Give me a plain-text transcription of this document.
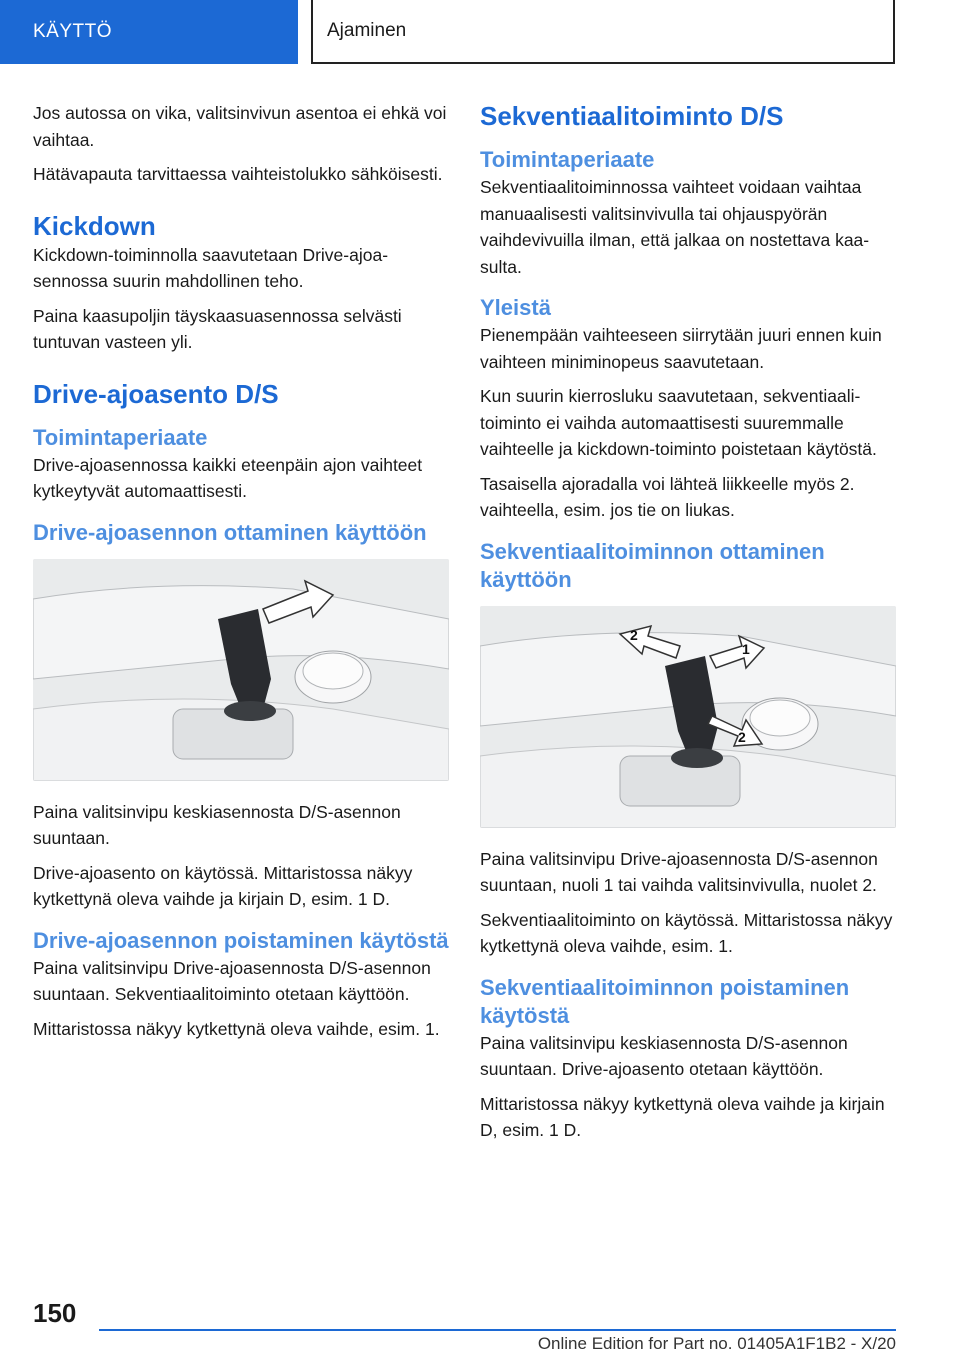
KÄYTTÖ	Ajaminen

Jos autossa on vika, valitsinvivun asentoa ei ehkä voi vaihtaa.

Hätävapauta tarvittaessa vaihteistolukko sähköisesti.

Kickdown

Kickdown-toiminnolla saavutetaan Drive-ajoasennossa suurin mahdollinen teho.

Paina kaasupoljin täyskaasuasennossa selvästi tuntuvan vasteen yli.

Drive-ajoasento D/S
Toimintaperiaate

Drive-ajoasennossa kaikki eteenpäin ajon vaihteet kytkeytyvät automaattisesti.

Drive-ajoasennon ottaminen käyttöön

Paina valitsinvipu keskiasennosta D/S-asennon suuntaan.

Drive-ajoasento on käytössä. Mittaristossa näkyy kytkettynä oleva vaihde ja kirjain D, esim. 1 D.

Drive-ajoasennon poistaminen käytöstä

Paina valitsinvipu Drive-ajoasennosta D/S-asennon suuntaan. Sekventiaalitoiminto otetaan käyttöön.

Mittaristossa näkyy kytkettynä oleva vaihde, esim. 1.

Sekventiaalitoiminto D/S
Toimintaperiaate

Sekventiaalitoiminnossa vaihteet voidaan vaihtaa manuaalisesti valitsinvivulla tai ohjauspyörän vaihdevivuilla ilman, että jalkaa on nostettava kaasulta.

Yleistä

Pienempään vaihteeseen siirrytään juuri ennen kuin vaihteen miniminopeus saavutetaan.

Kun suurin kierrosluku saavutetaan, sekventiaalitoiminto ei vaihda automaattisesti suuremmalle vaihteelle ja kickdown-toiminto poistetaan käytöstä.

Tasaisella ajoradalla voi lähteä liikkeelle myös 2. vaihteella, esim. jos tie on liukas.

Sekventiaalitoiminnon ottaminen käyttöön
1
2
2

Paina valitsinvipu Drive-ajoasennosta D/S-asennon suuntaan, nuoli 1 tai vaihda valitsinvivulla, nuolet 2.

Sekventiaalitoiminto on käytössä. Mittaristossa näkyy kytkettynä oleva vaihde, esim. 1.

Sekventiaalitoiminnon poistaminen käytöstä

Paina valitsinvipu keskiasennosta D/S-asennon suuntaan. Drive-ajoasento otetaan käyttöön.

Mittaristossa näkyy kytkettynä oleva vaihde ja kirjain D, esim. 1 D.

150
Online Edition for Part no. 01405A1F1B2 - X/20
